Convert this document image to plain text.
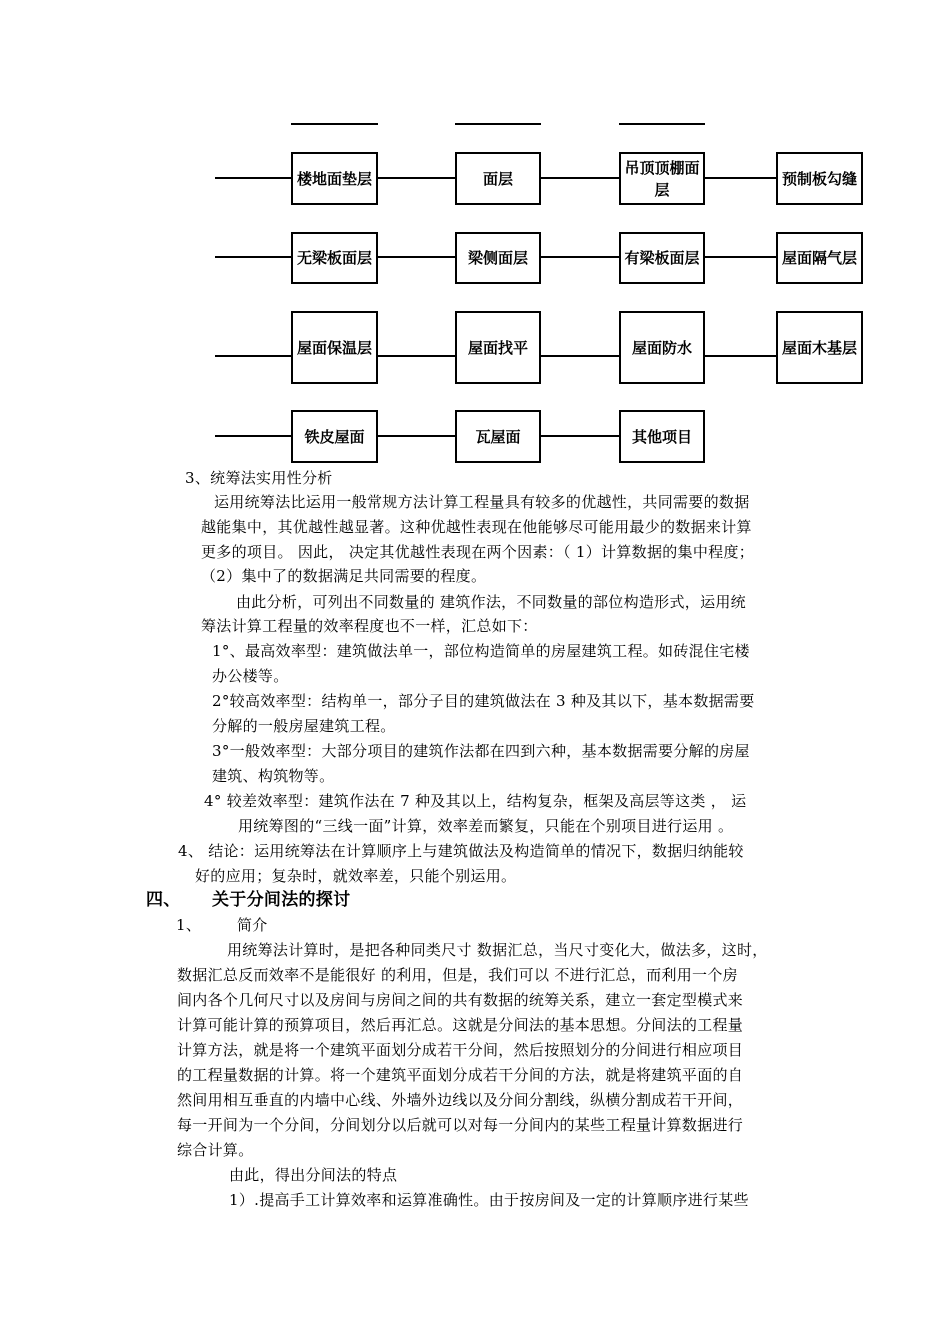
楼地面垫层	面层
吊顶顶棚面层
预制板勾缝
无梁板面层	梁侧面层	有梁板面层	屋面隔气层
屋面保温层	屋面找平	屋面防水	屋面木基层
铁皮屋面	瓦屋面	其他项目
3、统筹法实用性分析
运用统筹法比运用一般常规方法计算工程量具有较多的优越性，共同需要的数据
越能集中，其优越性越显著。这种优越性表现在他能够尽可能用最少的数据来计算
更多的项目。 因此， 决定其优越性表现在两个因素：（ 1）计算数据的集中程度；
（2）集中了的数据满足共同需要的程度。
由此分析，可列出不同数量的 建筑作法，不同数量的部位构造形式，运用统
筹法计算工程量的效率程度也不一样，汇总如下：
1°、最高效率型：建筑做法单一，部位构造简单的房屋建筑工程。如砖混住宅楼
办公楼等。
2°较高效率型：结构单一，部分子目的建筑做法在 3 种及其以下，基本数据需要
分解的一般房屋建筑工程。
3°一般效率型：大部分项目的建筑作法都在四到六种，基本数据需要分解的房屋
建筑、构筑物等。
4° 较差效率型：建筑作法在 7 种及其以上，结构复杂，框架及高层等这类 ， 运
用统筹图的“三线一面”计算，效率差而繁复，只能在个别项目进行运用 。
4、 结论：运用统筹法在计算顺序上与建筑做法及构造简单的情况下，数据归纳能较
好的应用；复杂时，就效率差，只能个别运用。
四、 关于分间法的探讨
1、 简介
用统筹法计算时，是把各种同类尺寸 数据汇总，当尺寸变化大，做法多，这时，
数据汇总反而效率不是能很好 的利用，但是，我们可以 不进行汇总，而利用一个房
间内各个几何尺寸以及房间与房间之间的共有数据的统筹关系，建立一套定型模式来
计算可能计算的预算项目，然后再汇总。这就是分间法的基本思想。分间法的工程量
计算方法，就是将一个建筑平面划分成若干分间，然后按照划分的分间进行相应项目
的工程量数据的计算。将一个建筑平面划分成若干分间的方法，就是将建筑平面的自
然间用相互垂直的内墙中心线、外墙外边线以及分间分割线，纵横分割成若干开间，
每一开间为一个分间，分间划分以后就可以对每一分间内的某些工程量计算数据进行
综合计算。
由此，得出分间法的特点
1）.提高手工计算效率和运算准确性。由于按房间及一定的计算顺序进行某些
